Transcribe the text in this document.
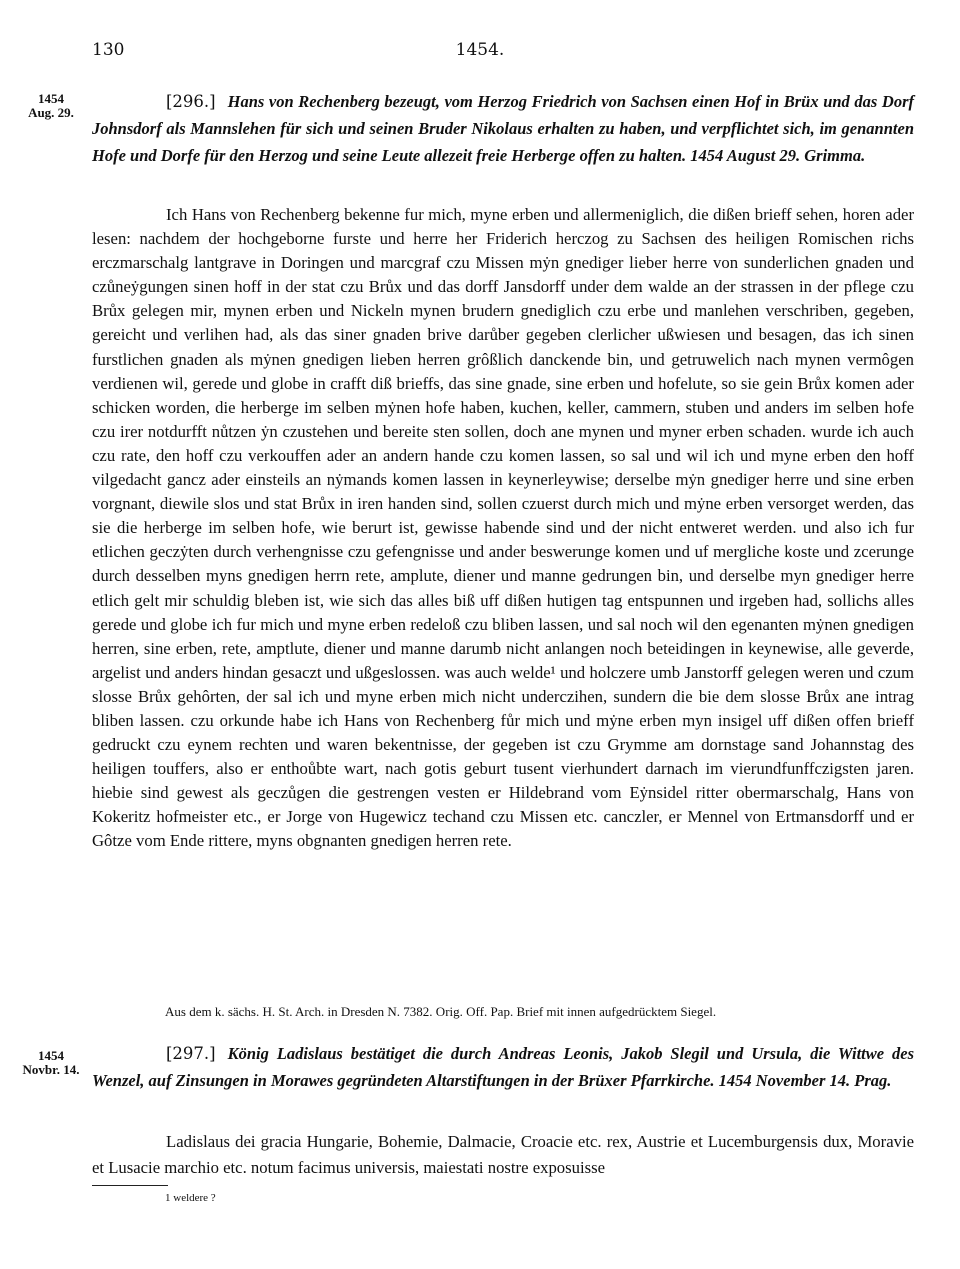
130	1454.
1454
Aug. 29.
[296.] Hans von Rechenberg bezeugt, vom Herzog Friedrich von Sachsen einen Hof in Brüx und das Dorf Johnsdorf als Mannslehen für sich und seinen Bruder Nikolaus erhalten zu haben, und verpflichtet sich, im genannten Hofe und Dorfe für den Herzog und seine Leute allezeit freie Herberge offen zu halten. 1454 August 29. Grimma.

Ich Hans von Rechenberg bekenne fur mich, myne erben und allermeniglich, die dißen brieff sehen, horen ader lesen: nachdem der hochgeborne furste und herre her Friderich herczog zu Sachsen des heiligen Romischen richs erczmarschalg lantgrave in Doringen und marcgraf czu Missen mẏn gnediger lieber herre von sunderlichen gnaden und czůneẏgungen sinen hoff in der stat czu Brůx und das dorff Jansdorff under dem walde an der strassen in der pflege czu Brůx gelegen mir, mynen erben und Nickeln mynen brudern gnediglich czu erbe und manlehen verschriben, gegeben, gereicht und verlihen had, als das siner gnaden brive darůber gegeben clerlicher ußwiesen und besagen, das ich sinen furstlichen gnaden als mẏnen gnedigen lieben herren grôßlich danckende bin, und getruwelich nach mynen vermôgen verdienen wil, gerede und globe in crafft diß brieffs, das sine gnade, sine erben und hofelute, so sie gein Brůx komen ader schicken worden, die herberge im selben mẏnen hofe haben, kuchen, keller, cammern, stuben und anders im selben hofe czu irer notdurfft nůtzen ẏn czustehen und bereite sten sollen, doch ane mynen und myner erben schaden. wurde ich auch czu rate, den hoff czu verkouffen ader an andern hande czu komen lassen, so sal und wil ich und myne erben den hoff vilgedacht gancz ader einsteils an nẏmands komen lassen in keynerleywise; derselbe mẏn gnediger herre und sine erben vorgnant, diewile slos und stat Brůx in iren handen sind, sollen czuerst durch mich und mẏne erben versorget werden, das sie die herberge im selben hofe, wie berurt ist, gewisse habende sind und der nicht entweret werden. und also ich fur etlichen geczẏten durch verhengnisse czu gefengnisse und ander beswerunge komen und uf mergliche koste und zcerunge durch desselben myns gnedigen herrn rete, amplute, diener und manne gedrungen bin, und derselbe myn gnediger herre etlich gelt mir schuldig bleben ist, wie sich das alles biß uff dißen hutigen tag entspunnen und irgeben had, sollichs alles gerede und globe ich fur mich und myne erben redeloß czu bliben lassen, und sal noch wil den egenanten mẏnen gnedigen herren, sine erben, rete, amptlute, diener und manne darumb nicht anlangen noch beteidingen in keynewise, alle geverde, argelist und anders hindan gesaczt und ußgeslossen. was auch welde¹ und holczere umb Janstorff gelegen weren und czum slosse Brůx gehôrten, der sal ich und myne erben mich nicht underczihen, sundern die bie dem slosse Brůx ane intrag bliben lassen. czu orkunde habe ich Hans von Rechenberg fůr mich und mẏne erben myn insigel uff dißen offen brieff gedruckt czu eynem rechten und waren bekentnisse, der gegeben ist czu Grymme am dornstage sand Johannstag des heiligen touffers, also er enthoůbte wart, nach gotis geburt tusent vierhundert darnach im vierundfunffczigsten jaren. hiebie sind gewest als geczůgen die gestrengen vesten er Hildebrand vom Eẏnsidel ritter obermarschalg, Hans von Kokeritz hofmeister etc., er Jorge von Hugewicz techand czu Missen etc. canczler, er Mennel von Ertmansdorff und er Gôtze vom Ende rittere, myns obgnanten gnedigen herren rete.

Aus dem k. sächs. H. St. Arch. in Dresden N. 7382. Orig. Off. Pap. Brief mit innen aufgedrücktem Siegel.
1454
Novbr. 14.
[297.] König Ladislaus bestätiget die durch Andreas Leonis, Jakob Slegil und Ursula, die Wittwe des Wenzel, auf Zinsungen in Morawes gegründeten Altarstiftungen in der Brüxer Pfarrkirche. 1454 November 14. Prag.

Ladislaus dei gracia Hungarie, Bohemie, Dalmacie, Croacie etc. rex, Austrie et Lucemburgensis dux, Moravie et Lusacie marchio etc. notum facimus universis, maiestati nostre exposuisse

1 weldere ?
